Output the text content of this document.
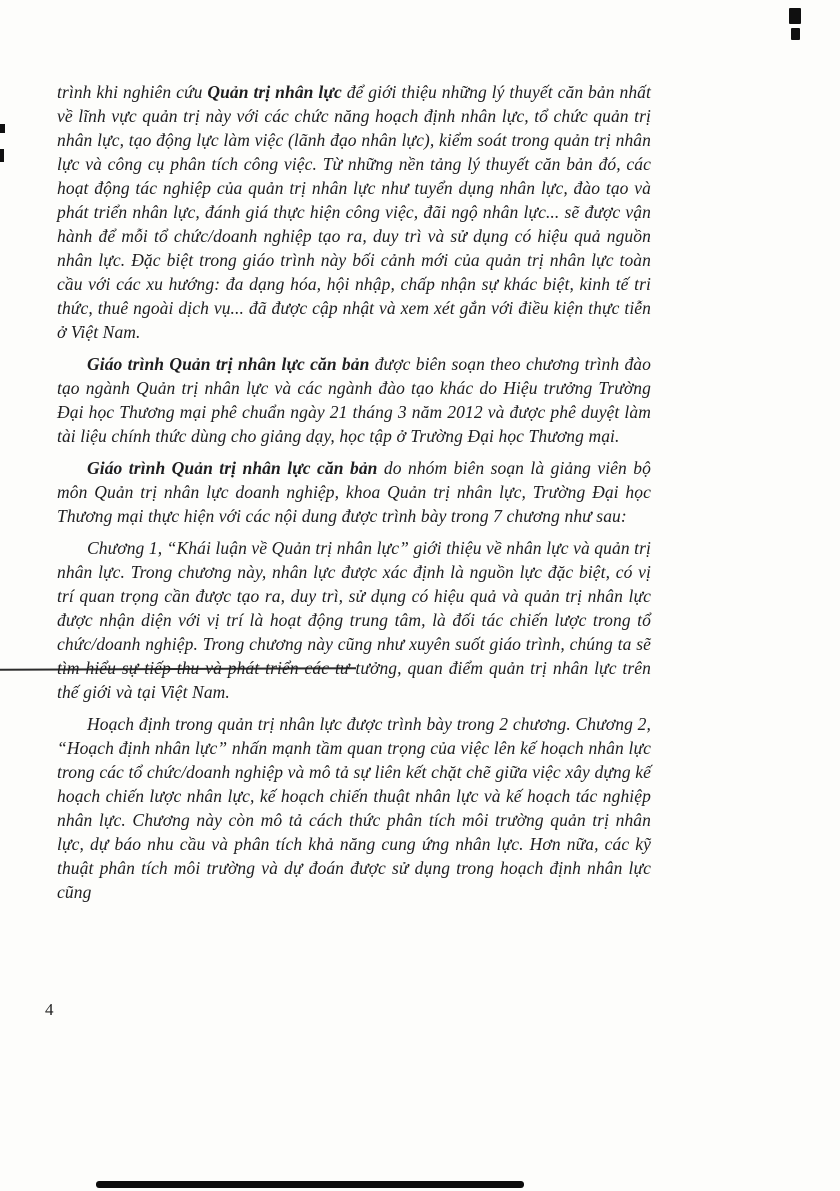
trình khi nghiên cứu Quản trị nhân lực để giới thiệu những lý thuyết căn bản nhất về lĩnh vực quản trị này với các chức năng hoạch định nhân lực, tổ chức quản trị nhân lực, tạo động lực làm việc (lãnh đạo nhân lực), kiểm soát trong quản trị nhân lực và công cụ phân tích công việc. Từ những nền tảng lý thuyết căn bản đó, các hoạt động tác nghiệp của quản trị nhân lực như tuyển dụng nhân lực, đào tạo và phát triển nhân lực, đánh giá thực hiện công việc, đãi ngộ nhân lực... sẽ được vận hành để mỗi tổ chức/doanh nghiệp tạo ra, duy trì và sử dụng có hiệu quả nguồn nhân lực. Đặc biệt trong giáo trình này bối cảnh mới của quản trị nhân lực toàn cầu với các xu hướng: đa dạng hóa, hội nhập, chấp nhận sự khác biệt, kinh tế tri thức, thuê ngoài dịch vụ... đã được cập nhật và xem xét gắn với điều kiện thực tiễn ở Việt Nam.

Giáo trình Quản trị nhân lực căn bản được biên soạn theo chương trình đào tạo ngành Quản trị nhân lực và các ngành đào tạo khác do Hiệu trưởng Trường Đại học Thương mại phê chuẩn ngày 21 tháng 3 năm 2012 và được phê duyệt làm tài liệu chính thức dùng cho giảng dạy, học tập ở Trường Đại học Thương mại.

Giáo trình Quản trị nhân lực căn bản do nhóm biên soạn là giảng viên bộ môn Quản trị nhân lực doanh nghiệp, khoa Quản trị nhân lực, Trường Đại học Thương mại thực hiện với các nội dung được trình bày trong 7 chương như sau:

Chương 1, “Khái luận về Quản trị nhân lực” giới thiệu về nhân lực và quản trị nhân lực. Trong chương này, nhân lực được xác định là nguồn lực đặc biệt, có vị trí quan trọng cần được tạo ra, duy trì, sử dụng có hiệu quả và quản trị nhân lực được nhận diện với vị trí là hoạt động trung tâm, là đối tác chiến lược trong tổ chức/doanh nghiệp. Trong chương này cũng như xuyên suốt giáo trình, chúng ta sẽ tìm hiểu sự tiếp thu và phát triển các tư tưởng, quan điểm quản trị nhân lực trên thế giới và tại Việt Nam.

Hoạch định trong quản trị nhân lực được trình bày trong 2 chương. Chương 2, “Hoạch định nhân lực” nhấn mạnh tầm quan trọng của việc lên kế hoạch nhân lực trong các tổ chức/doanh nghiệp và mô tả sự liên kết chặt chẽ giữa việc xây dựng kế hoạch chiến lược nhân lực, kế hoạch chiến thuật nhân lực và kế hoạch tác nghiệp nhân lực. Chương này còn mô tả cách thức phân tích môi trường quản trị nhân lực, dự báo nhu cầu và phân tích khả năng cung ứng nhân lực. Hơn nữa, các kỹ thuật phân tích môi trường và dự đoán được sử dụng trong hoạch định nhân lực cũng

4
